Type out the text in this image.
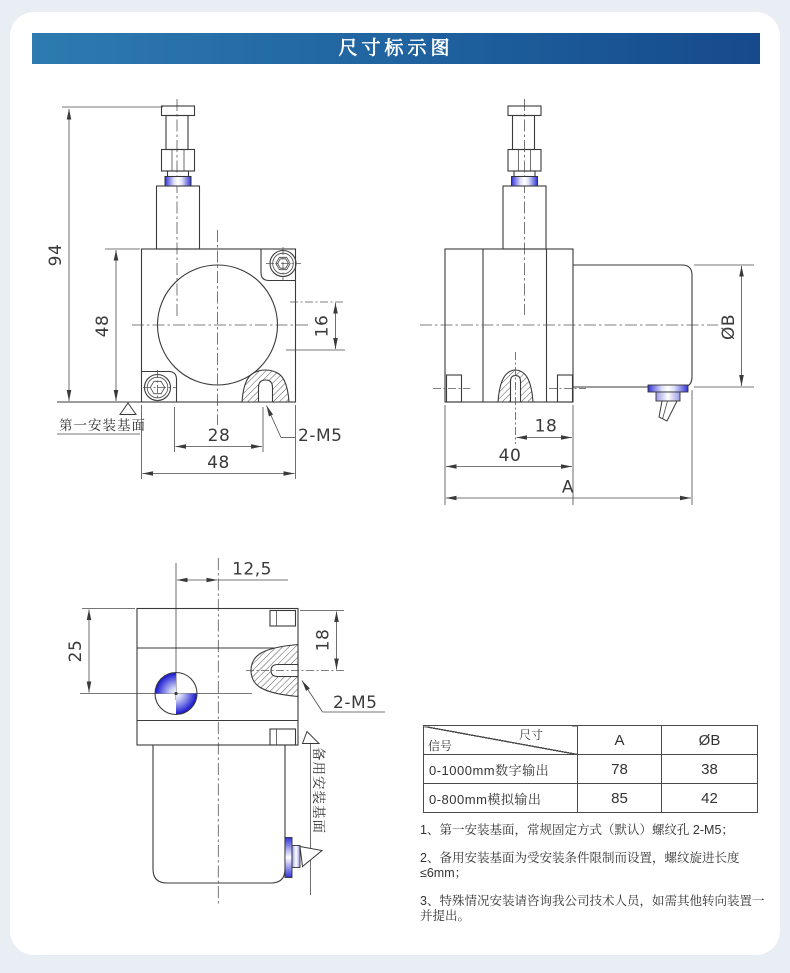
尺寸标示图
94
48	16
28
48
2-M5
第一安装基面
ØB
18
40
A
12,5
25	18
2-M5
备用安装基面
尺寸
信号	A	ØB
0-1000mm数字输出	78	38
0-800mm模拟输出	85	42
1、第一安装基面，常规固定方式（默认）螺纹孔 2-M5；
2、备用安装基面为受安装条件限制而设置，螺纹旋进长度≤6mm；
3、特殊情况安装请咨询我公司技术人员，如需其他转向装置一并提出。
